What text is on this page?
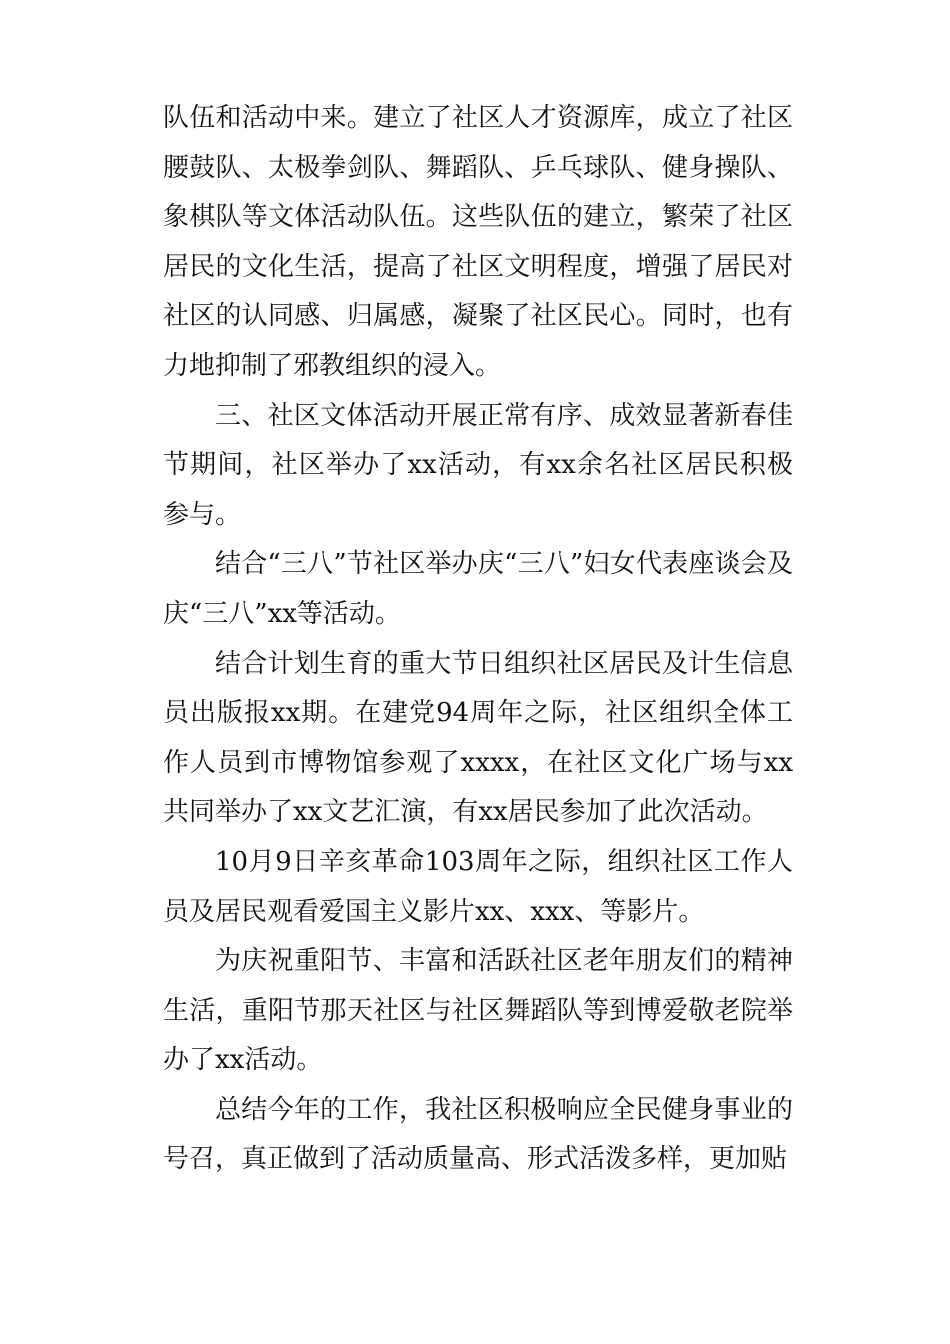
队伍和活动中来。建立了社区人才资源库，成立了社区腰鼓队、太极拳剑队、舞蹈队、乒乓球队、健身操队、象棋队等文体活动队伍。这些队伍的建立，繁荣了社区居民的文化生活，提高了社区文明程度，增强了居民对社区的认同感、归属感，凝聚了社区民心。同时，也有力地抑制了邪教组织的浸入。

三、社区文体活动开展正常有序、成效显著新春佳节期间，社区举办了xx活动，有xx余名社区居民积极参与。

结合“三八”节社区举办庆“三八”妇女代表座谈会及庆“三八”xx等活动。

结合计划生育的重大节日组织社区居民及计生信息员出版报xx期。在建党94周年之际，社区组织全体工作人员到市博物馆参观了xxxx，在社区文化广场与xx共同举办了xx文艺汇演，有xx居民参加了此次活动。

10月9日辛亥革命103周年之际，组织社区工作人员及居民观看爱国主义影片xx、xxx、等影片。

为庆祝重阳节、丰富和活跃社区老年朋友们的精神生活，重阳节那天社区与社区舞蹈队等到博爱敬老院举办了xx活动。

总结今年的工作，我社区积极响应全民健身事业的号召，真正做到了活动质量高、形式活泼多样，更加贴
